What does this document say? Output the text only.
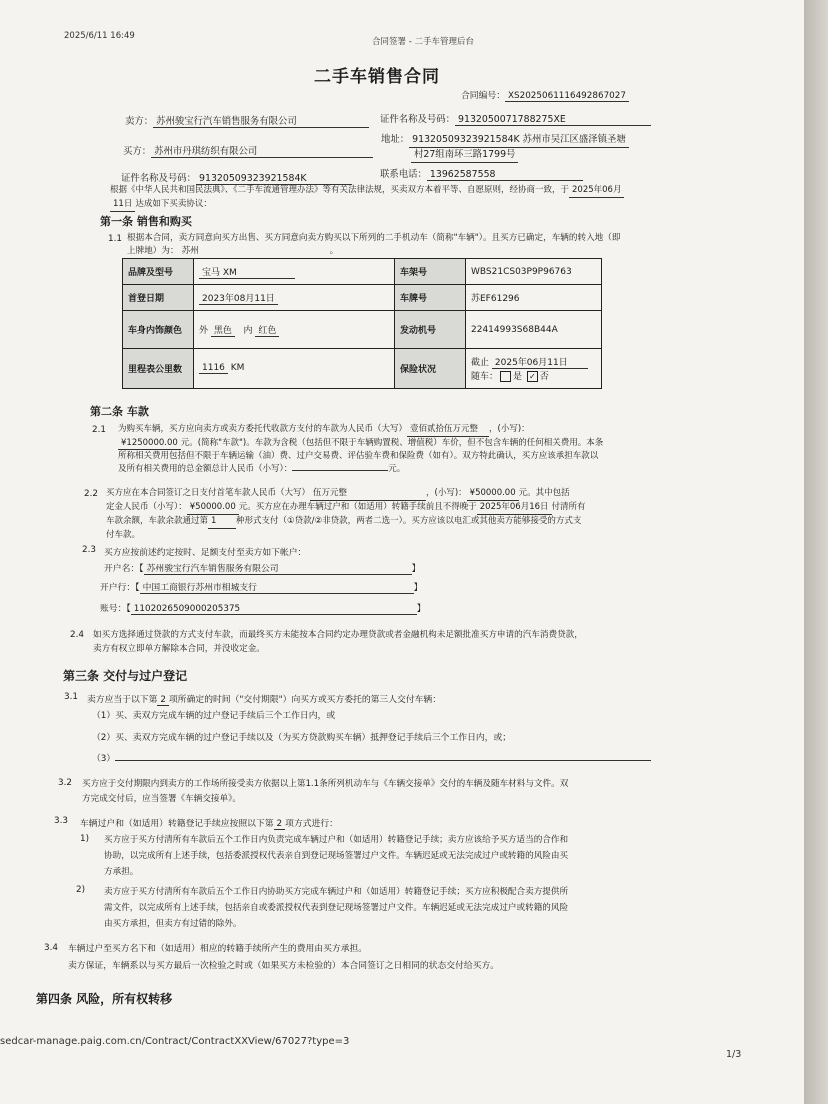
2025/6/11 16:49
合同签署 - 二手车管理后台
二手车销售合同
合同编号： XS20250611164928670​27
卖方： 苏州骏宝行汽车销售服务有限公司	证件名称及号码： 91320500717882​75XE
买方： 苏州市丹琪纺织有限公司
地址： 91320509323921584K 苏州市吴江区盛泽镇圣塘
村27组南环三路1799号
证件名称及号码： 91320509323921584K	联系电话： 13962587558
根据《中华人民共和国民法典》、《二手车流通管理办法》等有关法律法规，买卖双方本着平等、自愿原则，经协商一致，于 2025年06月
11日 达成如下买卖协议：
第一条 销售和购买
1.1 根据本合同，卖方同意向买方出售、买方同意向卖方购买以下所列的二手机动车（简称"车辆"）。且买方已确定，车辆的转入地（即
上牌地）为： 苏州	。
品牌及型号	宝马 XM	车架号	WBS21CS03P9P96763
首登日期	2023年08月11日	车牌号	苏EF61296
车身内饰颜色	外 黑色 内 红色	发动机号	22414993S68B44A
里程表公里数	1116 KM	保险状况	截止 2025年06月11日
随车： 是 ✓ 否
第二条 车款
2.1 为购买车辆，买方应向卖方或卖方委托代收款方支付的车款为人民币（大写） 壹佰贰拾伍万元整 ，(小写)：
¥1250000.00 元。(简称"车款")。车款为含税（包括但不限于车辆购置税、增值税）车价，但不包含车辆的任何相关费用。本条
所称相关费用包括但不限于车辆运输（油）费、过户交易费、评估验车费和保险费（如有）。双方特此确认，买方应该承担车款以
及所有相关费用的总金额总计人民币（小写）：	元。
2.2 买方应在本合同签订之日支付首笔车款人民币（大写） 伍万元整	，(小写)： ¥50000.00 元。其中包括
定金人民币（小写）： ¥50000.00 元。买方应在办理车辆过户和（如适用）转籍手续前且不得晚于 2025年06月16日 付清所有
车款余额，车款余款通过第 1 种形式支付（①贷款/②非贷款，两者二选一）。买方应该以电汇或其他卖方能够接受的方式支
付车款。
2.3 买方应按前述约定按时、足额支付至卖方如下帐户：
开户名：【 苏州骏宝行汽车销售服务有限公司	】
开户行：【 中国工商银行苏州市相城支行	】
账号：【 1102026509000205375	】
2.4 如买方选择通过贷款的方式支付车款，而最终买方未能按本合同约定办理贷款或者金融机构未足额批准买方申请的汽车消费贷款，
卖方有权立即单方解除本合同，并没收定金。
第三条 交付与过户登记
3.1 卖方应当于以下第 2 项所确定的时间（"交付期限"）向买方或买方委托的第三人交付车辆：
（1）买、卖双方完成车辆的过户登记手续后三个工作日内，或
（2）买、卖双方完成车辆的过户登记手续以及（为买方贷款购买车辆）抵押登记手续后三个工作日内，或；
（3）
3.2 买方应于交付期限内到卖方的工作场所接受卖方依据以上第1.1条所列机动车与《车辆交接单》交付的车辆及随车材料与文件。双
方完成交付后，应当签署《车辆交接单》。
3.3 车辆过户和（如适用）转籍登记手续应按照以下第 2 项方式进行：
1) 买方应于买方付清所有车款后五个工作日内负责完成车辆过户和（如适用）转籍登记手续；卖方应该给予买方适当的合作和
协助，以完成所有上述手续，包括委派授权代表亲自到登记现场签署过户文件。车辆迟延或无法完成过户或转籍的风险由买
方承担。
2) 卖方应于买方付清所有车款后五个工作日内协助买方完成车辆过户和（如适用）转籍登记手续；买方应积极配合卖方提供所
需文件，以完成所有上述手续，包括亲自或委派授权代表到登记现场签署过户文件。车辆迟延或无法完成过户或转籍的风险
由买方承担，但卖方有过错的除外。
3.4 车辆过户至买方名下和（如适用）相应的转籍手续所产生的费用由买方承担。
卖方保证，车辆系以与买方最后一次检验之时或（如果买方未检验的）本合同签订之日相同的状态交付给买方。
第四条 风险，所有权转移
sedcar-manage.paig.com.cn/Contract/ContractXXView/67027?type=3
1/3
